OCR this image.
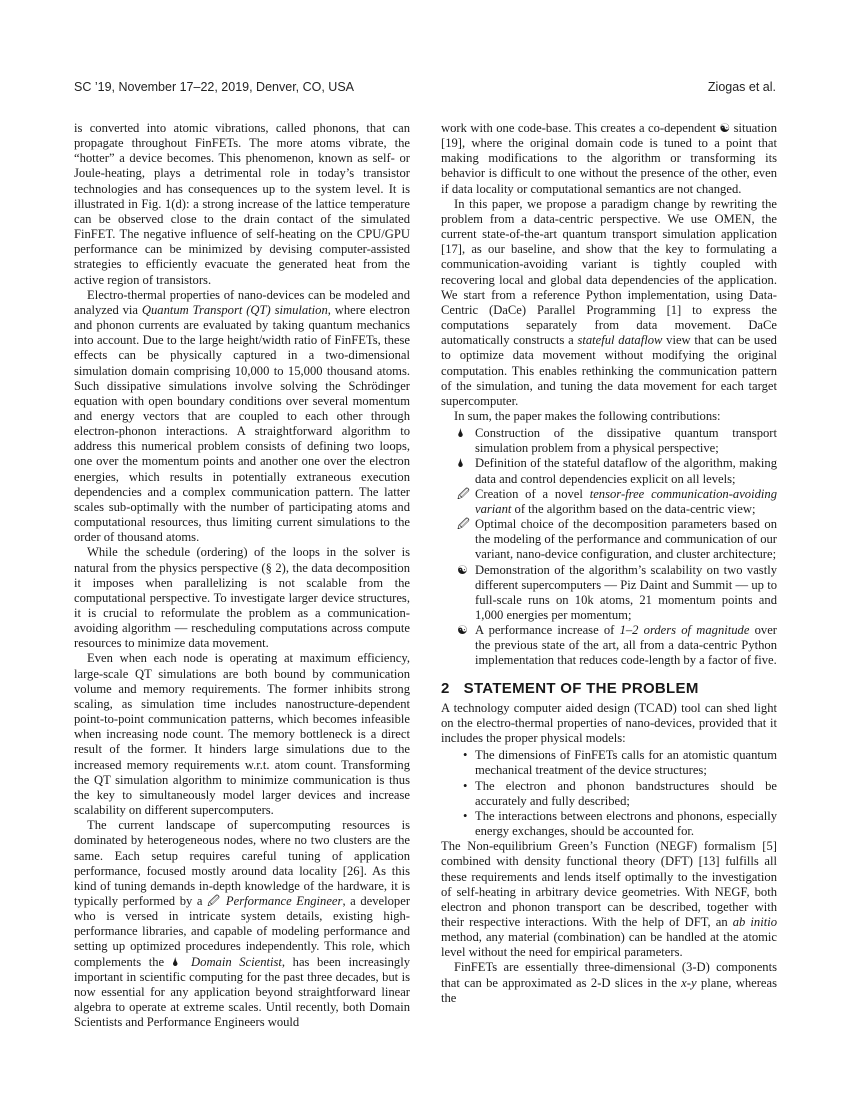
SC ’19, November 17–22, 2019, Denver, CO, USA	Ziogas et al.

is converted into atomic vibrations, called phonons, that can propagate throughout FinFETs. The more atoms vibrate, the “hotter” a device becomes. This phenomenon, known as self- or Joule-heating, plays a detrimental role in today’s transistor technologies and has consequences up to the system level. It is illustrated in Fig. 1(d): a strong increase of the lattice temperature can be observed close to the drain contact of the simulated FinFET. The negative influence of self-heating on the CPU/GPU performance can be minimized by devising computer-assisted strategies to efficiently evacuate the generated heat from the active region of transistors.

Electro-thermal properties of nano-devices can be modeled and analyzed via Quantum Transport (QT) simulation, where electron and phonon currents are evaluated by taking quantum mechanics into account. Due to the large height/width ratio of FinFETs, these effects can be physically captured in a two-dimensional simulation domain comprising 10,000 to 15,000 thousand atoms. Such dissipative simulations involve solving the Schrödinger equation with open boundary conditions over several momentum and energy vectors that are coupled to each other through electron-phonon interactions. A straightforward algorithm to address this numerical problem consists of defining two loops, one over the momentum points and another one over the electron energies, which results in potentially extraneous execution dependencies and a complex communication pattern. The latter scales sub-optimally with the number of participating atoms and computational resources, thus limiting current simulations to the order of thousand atoms.

While the schedule (ordering) of the loops in the solver is natural from the physics perspective (§ 2), the data decomposition it imposes when parallelizing is not scalable from the computational perspective. To investigate larger device structures, it is crucial to reformulate the problem as a communication-avoiding algorithm — rescheduling computations across compute resources to minimize data movement.

Even when each node is operating at maximum efficiency, large-scale QT simulations are both bound by communication volume and memory requirements. The former inhibits strong scaling, as simulation time includes nanostructure-dependent point-to-point communication patterns, which becomes infeasible when increasing node count. The memory bottleneck is a direct result of the former. It hinders large simulations due to the increased memory requirements w.r.t. atom count. Transforming the QT simulation algorithm to minimize communication is thus the key to simultaneously model larger devices and increase scalability on different supercomputers.

The current landscape of supercomputing resources is dominated by heterogeneous nodes, where no two clusters are the same. Each setup requires careful tuning of application performance, focused mostly around data locality [26]. As this kind of tuning demands in-depth knowledge of the hardware, it is typically performed by a 🖉 Performance Engineer, a developer who is versed in intricate system details, existing high-performance libraries, and capable of modeling performance and setting up optimized procedures independently. This role, which complements the 🌢 Domain Scientist, has been increasingly important in scientific computing for the past three decades, but is now essential for any application beyond straightforward linear algebra to operate at extreme scales. Until recently, both Domain Scientists and Performance Engineers would

work with one code-base. This creates a co-dependent ☯ situation [19], where the original domain code is tuned to a point that making modifications to the algorithm or transforming its behavior is difficult to one without the presence of the other, even if data locality or computational semantics are not changed.

In this paper, we propose a paradigm change by rewriting the problem from a data-centric perspective. We use OMEN, the current state-of-the-art quantum transport simulation application [17], as our baseline, and show that the key to formulating a communication-avoiding variant is tightly coupled with recovering local and global data dependencies of the application. We start from a reference Python implementation, using Data-Centric (DaCe) Parallel Programming [1] to express the computations separately from data movement. DaCe automatically constructs a stateful dataflow view that can be used to optimize data movement without modifying the original computation. This enables rethinking the communication pattern of the simulation, and tuning the data movement for each target supercomputer.

In sum, the paper makes the following contributions:

🌢 Construction of the dissipative quantum transport simulation problem from a physical perspective;
🌢 Definition of the stateful dataflow of the algorithm, making data and control dependencies explicit on all levels;
🖉 Creation of a novel tensor-free communication-avoiding variant of the algorithm based on the data-centric view;
🖉 Optimal choice of the decomposition parameters based on the modeling of the performance and communication of our variant, nano-device configuration, and cluster architecture;
☯ Demonstration of the algorithm’s scalability on two vastly different supercomputers — Piz Daint and Summit — up to full-scale runs on 10k atoms, 21 momentum points and 1,000 energies per momentum;
☯ A performance increase of 1–2 orders of magnitude over the previous state of the art, all from a data-centric Python implementation that reduces code-length by a factor of five.
2 STATEMENT OF THE PROBLEM

A technology computer aided design (TCAD) tool can shed light on the electro-thermal properties of nano-devices, provided that it includes the proper physical models:

• The dimensions of FinFETs calls for an atomistic quantum mechanical treatment of the device structures;
• The electron and phonon bandstructures should be accurately and fully described;
• The interactions between electrons and phonons, especially energy exchanges, should be accounted for.

The Non-equilibrium Green’s Function (NEGF) formalism [5] combined with density functional theory (DFT) [13] fulfills all these requirements and lends itself optimally to the investigation of self-heating in arbitrary device geometries. With NEGF, both electron and phonon transport can be described, together with their respective interactions. With the help of DFT, an ab initio method, any material (combination) can be handled at the atomic level without the need for empirical parameters.

FinFETs are essentially three-dimensional (3-D) components that can be approximated as 2-D slices in the x-y plane, whereas the
